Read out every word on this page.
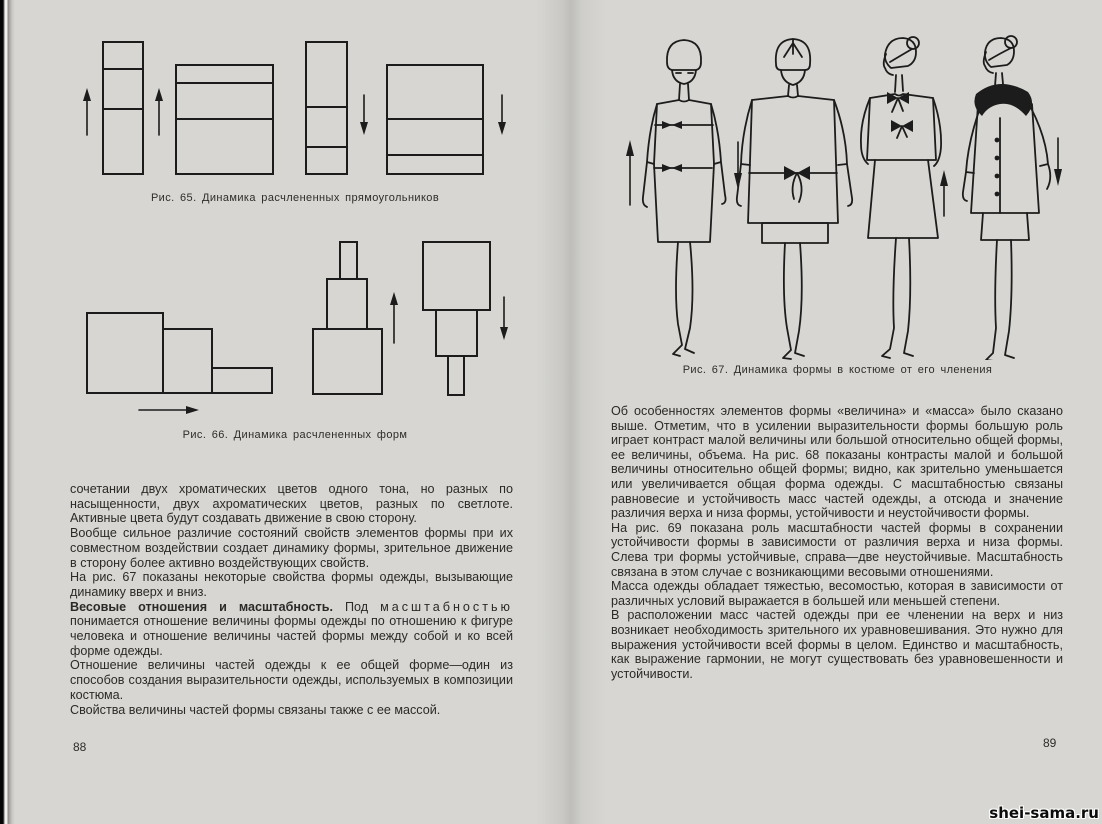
Рис. 65. Динамика расчлененных прямоугольников
Рис. 66. Динамика расчлененных форм

сочетании двух хроматических цветов одного тона, но разных по насыщенности, двух ахроматических цветов, разных по светлоте. Активные цвета будут создавать движение в свою сторону.

Вообще сильное различие состояний свойств элементов формы при их совместном воздействии создает динамику формы, зрительное движение в сторону более активно воздействующих свойств.

На рис. 67 показаны некоторые свойства формы одежды, вызывающие динамику вверх и вниз.

Весовые отношения и масштабность. Под масштабностью понимается отношение величины формы одежды по отношению к фигуре человека и отношение величины частей формы между собой и ко всей форме одежды.

Отношение величины частей одежды к ее общей форме—один из способов создания выразительности одежды, используемых в композиции костюма.

Свойства величины частей формы связаны также с ее массой.

88
Рис. 67. Динамика формы в костюме от его членения

Об особенностях элементов формы «величина» и «масса» было сказано выше. Отметим, что в усилении выразительности формы большую роль играет контраст малой величины или большой относительно общей формы, ее величины, объема. На рис. 68 показаны контрасты малой и большой величины относительно общей формы; видно, как зрительно уменьшается или увеличивается общая форма одежды. С масштабностью связаны равновесие и устойчивость масс частей одежды, а отсюда и значение различия верха и низа формы, устойчивости и неустойчивости формы.

На рис. 69 показана роль масштабности частей формы в сохранении устойчивости формы в зависимости от различия верха и низа формы. Слева три формы устойчивые, справа—две неустойчивые. Масштабность связана в этом случае с возникающими весовыми отношениями.

Масса одежды обладает тяжестью, весомостью, которая в зависимости от различных условий выражается в большей или меньшей степени.

В расположении масс частей одежды при ее членении на верх и низ возникает необходимость зрительного их уравновешивания. Это нужно для выражения устойчивости всей формы в целом. Единство и масштабность, как выражение гармонии, не могут существовать без уравновешенности и устойчивости.

89
shei-sama.ru
